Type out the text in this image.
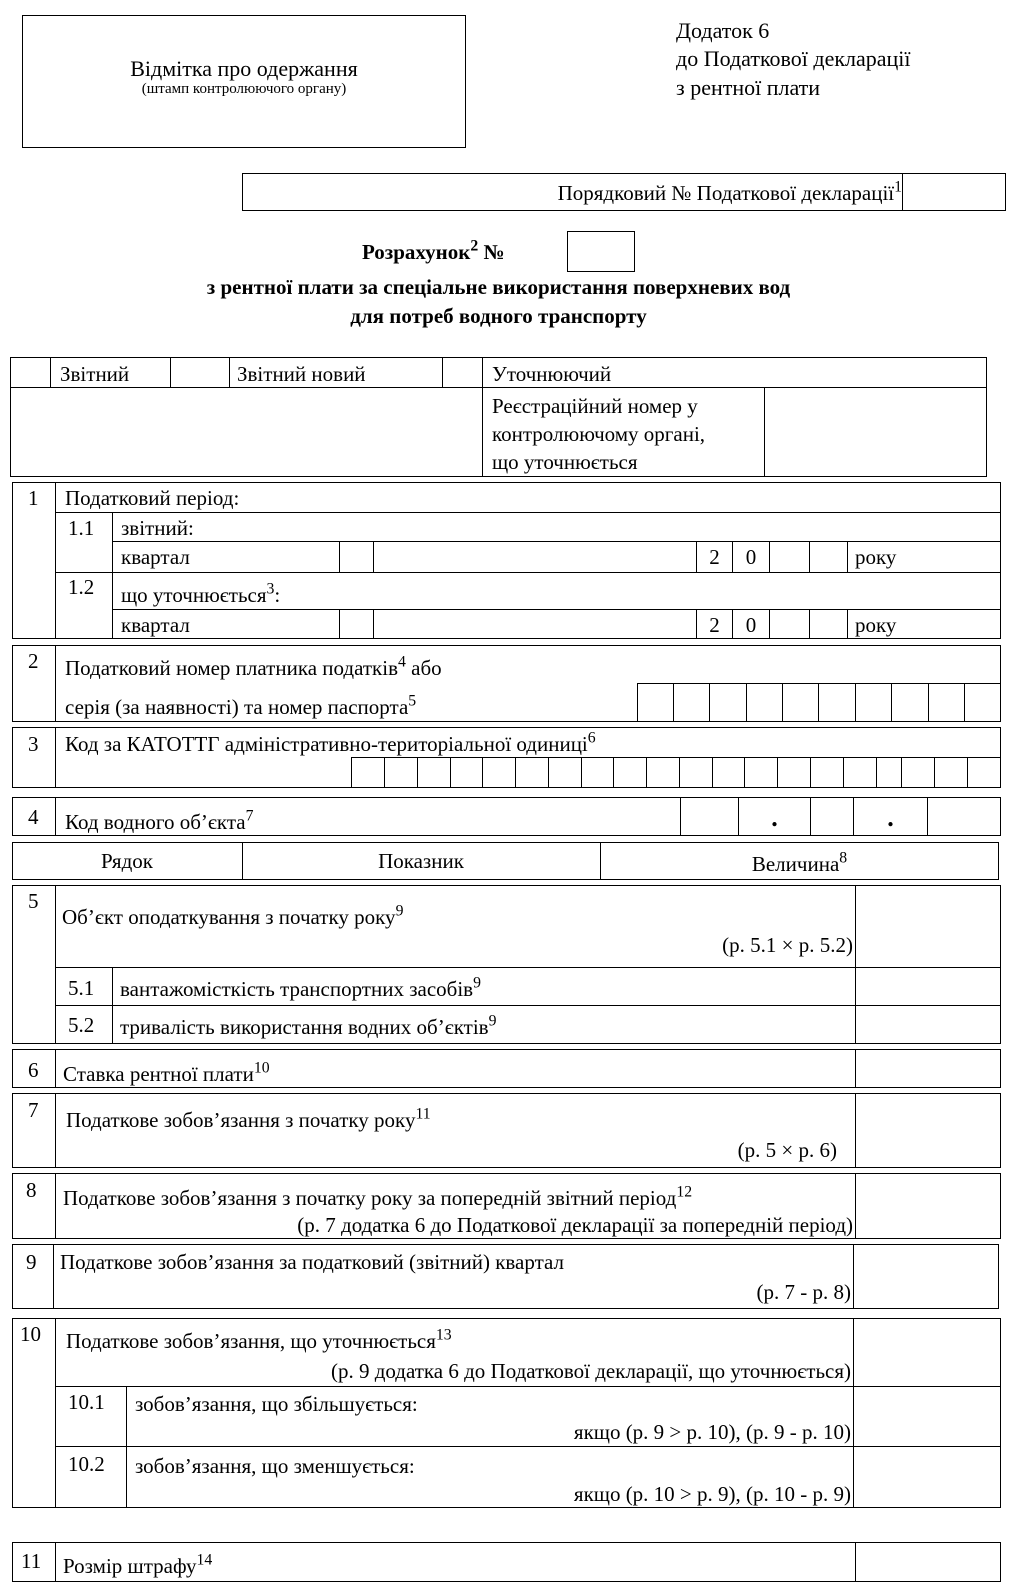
Відмітка про одержання
(штамп контролюючого органу)
Додаток 6
до Податкової декларації
з рентної плати
Порядковий № Податкової декларації$^1$
Розрахунок$^2$ №
з рентної плати за спеціальне використання поверхневих вод
для потреб водного транспорту
Звітний	Звітний новий	Уточнюючий
Реєстраційний номер у
контролюючому органі,
що уточнюється
1 Податковий період:
1.1 звітний:
квартал	2	0	року
1.2 що уточнюється$^3$:
квартал	2	0	року
2 Податковий номер платника податків$^4$ або
серія (за наявності) та номер паспорта$^5$
3 Код за КАТОТТГ адміністративно-територіальної одиниці$^6$
4 Код водного об’єкта$^7$	.	.
Рядок	Показник	Величина$^8$
5
Об’єкт оподаткування з початку року$^9$
(р. 5.1 × р. 5.2)
5.1 вантажомісткість транспортних засобів$^9$
5.2 тривалість використання водних об’єктів$^9$
6 Ставка рентної плати$^{10}$
7 Податкове зобов’язання з початку року$^{11}$
(р. 5 × р. 6)
8 Податкове зобов’язання з початку року за попередній звітний період$^{12}$
(р. 7 додатка 6 до Податкової декларації за попередній період)
9 Податкове зобов’язання за податковий (звітний) квартал
(р. 7 - р. 8)
10 Податкове зобов’язання, що уточнюється$^{13}$
(р. 9 додатка 6 до Податкової декларації, що уточнюється)
10.1 зобов’язання, що збільшується:
якщо (р. 9 > р. 10), (р. 9 - р. 10)
10.2 зобов’язання, що зменшується:
якщо (р. 10 > р. 9), (р. 10 - р. 9)
11 Розмір штрафу$^{14}$
